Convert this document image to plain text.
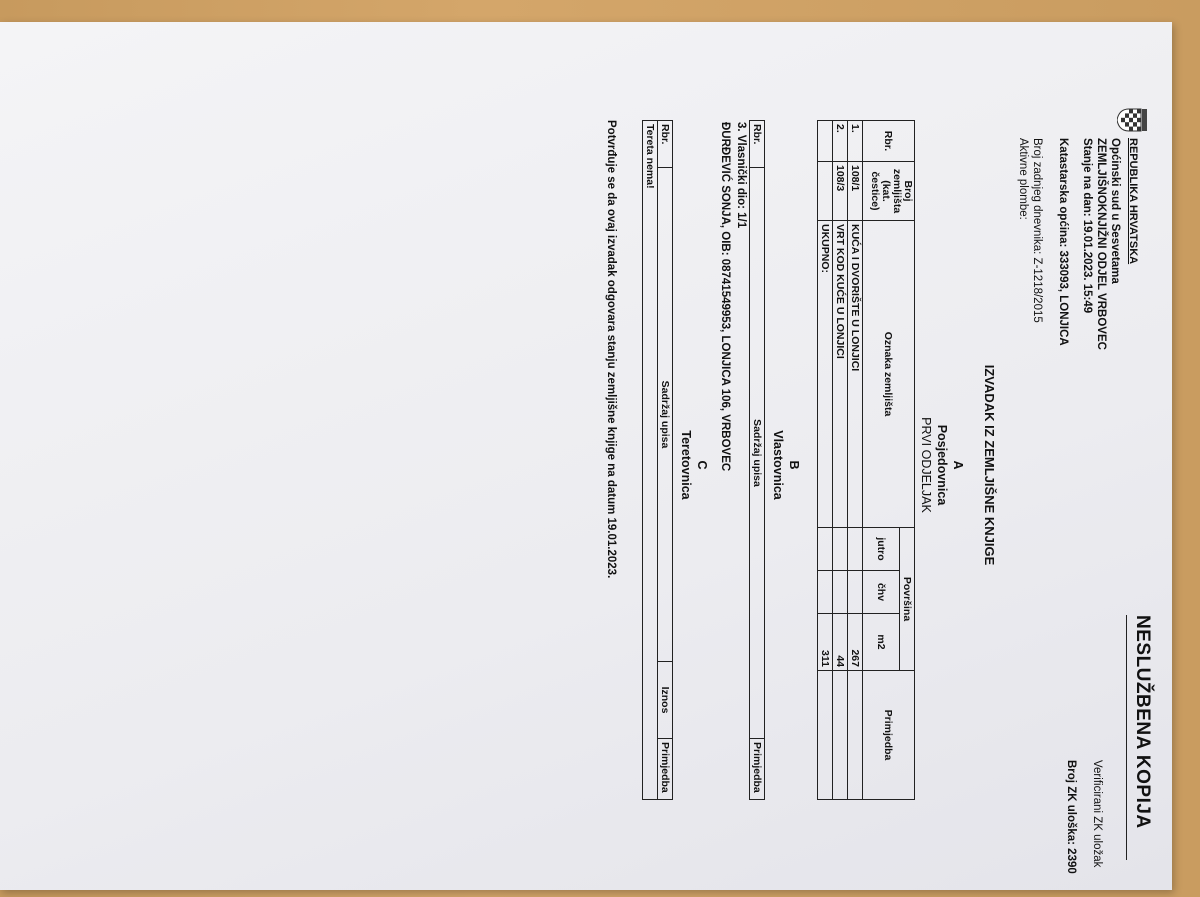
NESLUŽBENA KOPIJA
Verificirani ZK uložak
Broj ZK uloška: 2390
REPUBLIKA HRVATSKA
Općinski sud u Sesvetama
ZEMLJIŠNOKNJIŽNI ODJEL VRBOVEC
Stanje na dan: 19.01.2023. 15:49
Katastarska općina: 333093, LONJICA
Broj zadnjeg dnevnika: Z-1218/2015
Aktivne plombe:
IZVADAK IZ ZEMLJIŠNE KNJIGE
A
Posjedovnica
PRVI ODJELJAK
Rbr.	Broj
zemljišta
(kat.
čestice)	Oznaka zemljišta	Površina			Primjedba
			jutro	čhv	m2	
1.	108/1	KUĆA I DVORIŠTE U LONJICI			267	
2.	108/3	VRT KOD KUĆE U LONJICI			44	
		UKUPNO:			311	
B
Vlastovnica
Rbr.	Sadržaj upisa	Primjedba
3. Vlasnički dio: 1/1
ĐURĐEVIĆ SONJA, OIB: 08741549953, LONJICA 106, VRBOVEC
C
Teretovnica
Rbr.	Sadržaj upisa	Iznos	Primjedba
Tereta nema!
Potvrđuje se da ovaj izvadak odgovara stanju zemljišne knjige na datum 19.01.2023.
